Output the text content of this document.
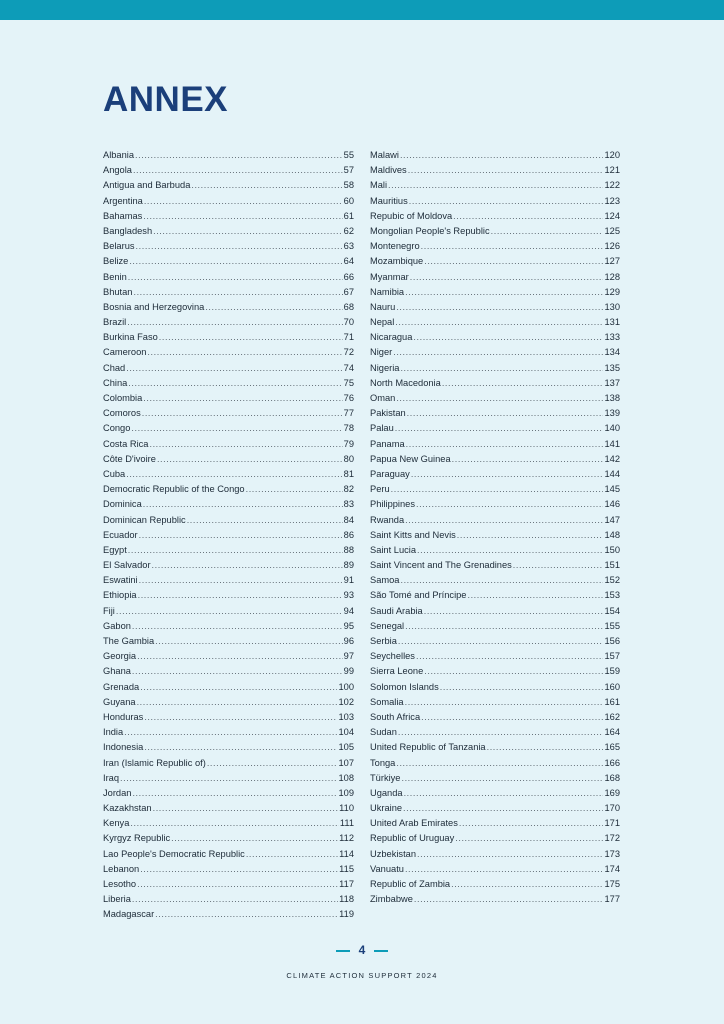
ANNEX
Albania .....	55
Angola .....	57
Antigua and Barbuda .....	58
Argentina .....	60
Bahamas .....	61
Bangladesh .....	62
Belarus .....	63
Belize .....	64
Benin .....	66
Bhutan .....	67
Bosnia and Herzegovina .....	68
Brazil .....	70
Burkina Faso .....	71
Cameroon .....	72
Chad .....	74
China .....	75
Colombia .....	76
Comoros .....	77
Congo .....	78
Costa Rica .....	79
Côte D'ivoire .....	80
Cuba .....	81
Democratic Republic of the Congo .....	82
Dominica .....	83
Dominican Republic .....	84
Ecuador .....	86
Egypt .....	88
El Salvador .....	89
Eswatini .....	91
Ethiopia .....	93
Fiji .....	94
Gabon .....	95
The Gambia .....	96
Georgia .....	97
Ghana .....	99
Grenada .....	100
Guyana .....	102
Honduras .....	103
India .....	104
Indonesia .....	105
Iran (Islamic Republic of) .....	107
Iraq .....	108
Jordan .....	109
Kazakhstan .....	110
Kenya .....	111
Kyrgyz Republic .....	112
Lao People's Democratic Republic .....	114
Lebanon .....	115
Lesotho .....	117
Liberia .....	118
Madagascar .....	119
Malawi .....	120
Maldives .....	121
Mali .....	122
Mauritius .....	123
Repubic of Moldova .....	124
Mongolian People's Republic .....	125
Montenegro .....	126
Mozambique .....	127
Myanmar .....	128
Namibia .....	129
Nauru .....	130
Nepal .....	131
Nicaragua .....	133
Niger .....	134
Nigeria .....	135
North Macedonia .....	137
Oman .....	138
Pakistan .....	139
Palau .....	140
Panama .....	141
Papua New Guinea .....	142
Paraguay .....	144
Peru .....	145
Philippines .....	146
Rwanda .....	147
Saint Kitts and Nevis .....	148
Saint Lucia .....	150
Saint Vincent and The Grenadines .....	151
Samoa .....	152
São Tomé and Príncipe .....	153
Saudi Arabia .....	154
Senegal .....	155
Serbia .....	156
Seychelles .....	157
Sierra Leone .....	159
Solomon Islands .....	160
Somalia .....	161
South Africa .....	162
Sudan .....	164
United Republic of Tanzania .....	165
Tonga .....	166
Türkiye .....	168
Uganda .....	169
Ukraine .....	170
United Arab Emirates .....	171
Republic of Uruguay .....	172
Uzbekistan .....	173
Vanuatu .....	174
Republic of Zambia .....	175
Zimbabwe .....	177
4
CLIMATE ACTION SUPPORT 2024
